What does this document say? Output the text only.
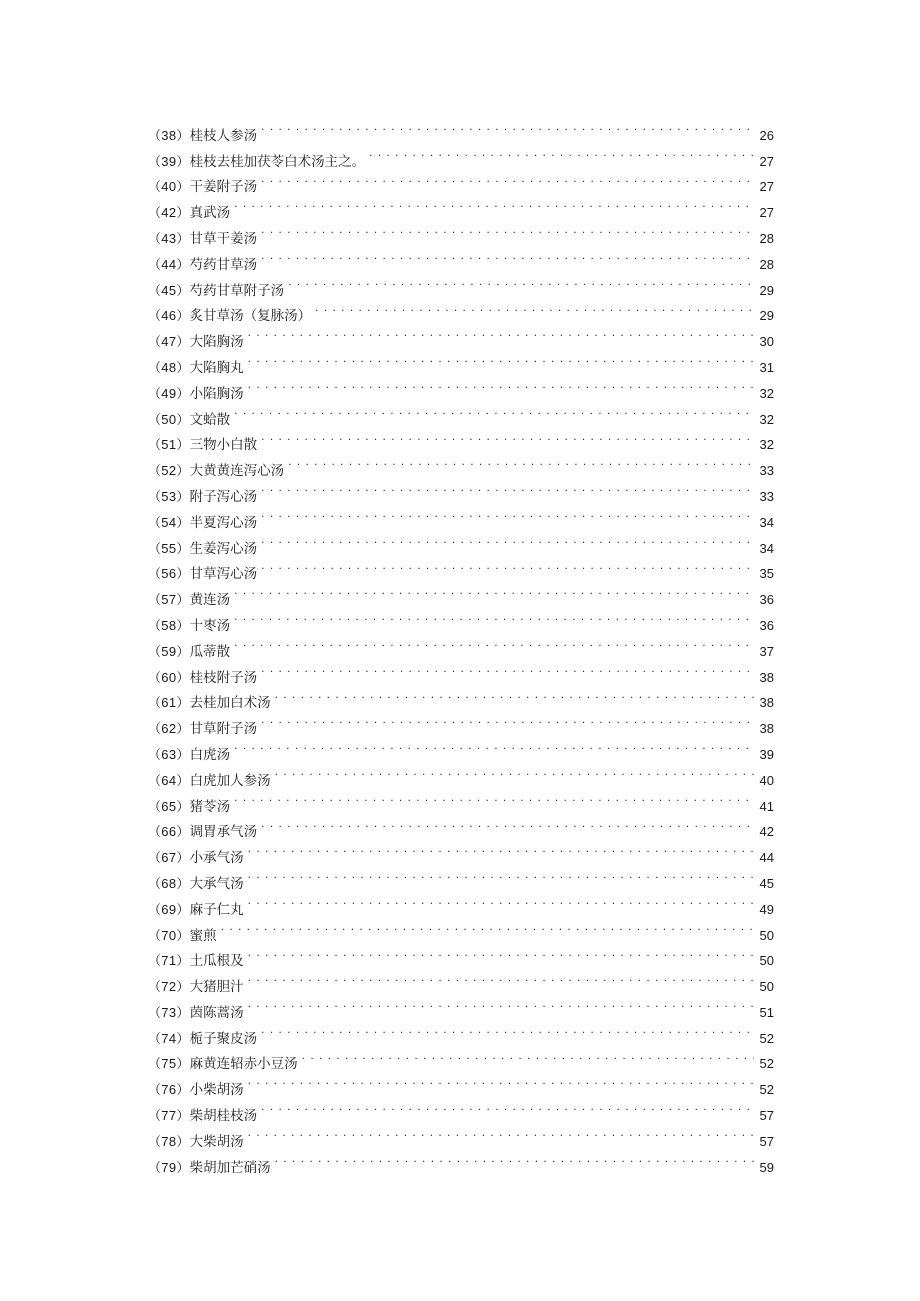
（38） 桂枝人参汤 . . .	26
（39） 桂枝去桂加茯苓白术汤主之。 . . .	27
（40） 干姜附子汤 . . .	27
（42） 真武汤 . . .	27
（43） 甘草干姜汤 . . .	28
（44） 芍药甘草汤 . . .	28
（45） 芍药甘草附子汤 . . .	29
（46） 炙甘草汤（复脉汤） . . .	29
（47） 大陷胸汤 . . .	30
（48） 大陷胸丸 . . .	31
（49） 小陷胸汤 . . .	32
（50） 文蛤散 . . .	32
（51） 三物小白散 . . .	32
（52） 大黄黄连泻心汤 . . .	33
（53） 附子泻心汤 . . .	33
（54） 半夏泻心汤 . . .	34
（55） 生姜泻心汤 . . .	34
（56） 甘草泻心汤 . . .	35
（57） 黄连汤 . . .	36
（58） 十枣汤 . . .	36
（59） 瓜蒂散 . . .	37
（60） 桂枝附子汤 . . .	38
（61） 去桂加白术汤 . . .	38
（62） 甘草附子汤 . . .	38
（63） 白虎汤 . . .	39
（64） 白虎加人参汤 . . .	40
（65） 猪苓汤 . . .	41
（66） 调胃承气汤 . . .	42
（67） 小承气汤 . . .	44
（68） 大承气汤 . . .	45
（69） 麻子仁丸 . . .	49
（70） 蜜煎 . . .	50
（71） 土瓜根及 . . .	50
（72） 大猪胆汁 . . .	50
（73） 茵陈蒿汤 . . .	51
（74） 栀子聚皮汤 . . .	52
（75） 麻黄连轺赤小豆汤 . . .	52
（76） 小柴胡汤 . . .	52
（77） 柴胡桂枝汤 . . .	57
（78） 大柴胡汤 . . .	57
（79） 柴胡加芒硝汤 . . .	59
